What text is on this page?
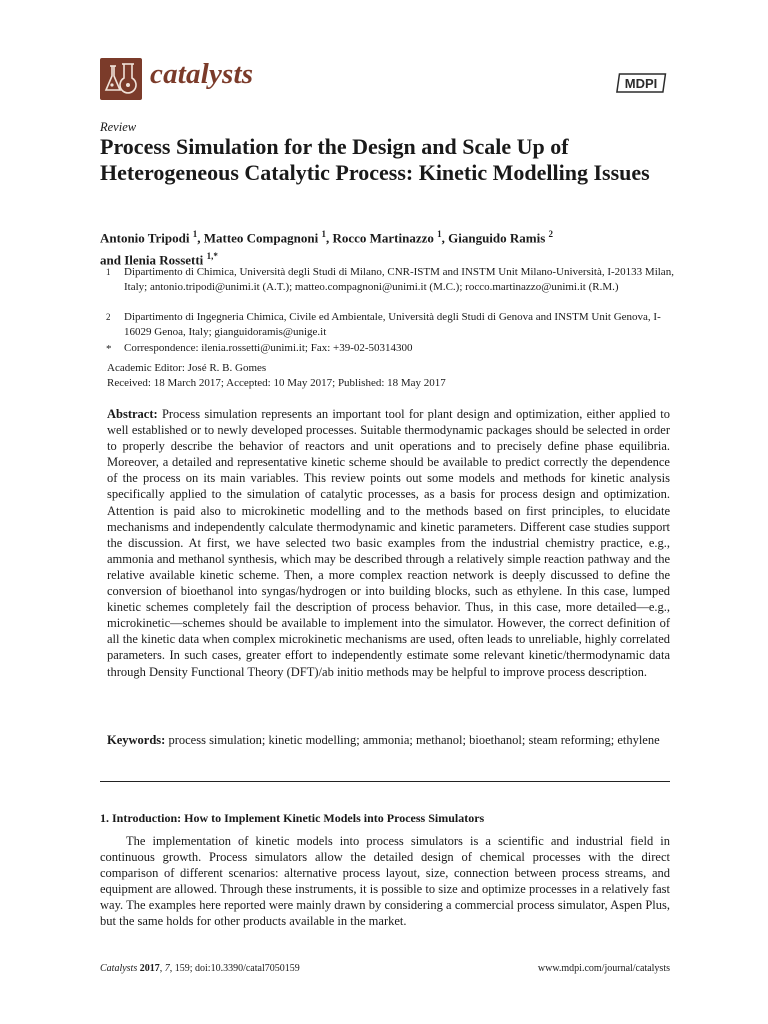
catalysts	MDPI
Review
Process Simulation for the Design and Scale Up of Heterogeneous Catalytic Process: Kinetic Modelling Issues
Antonio Tripodi $^1$, Matteo Compagnoni $^1$, Rocco Martinazzo $^1$, Gianguido Ramis $^2$
and Ilenia Rossetti $^{1,*}$
1 Dipartimento di Chimica, Università degli Studi di Milano, CNR-ISTM and INSTM Unit Milano-Università, I-20133 Milan, Italy; antonio.tripodi@unimi.it (A.T.); matteo.compagnoni@unimi.it (M.C.); rocco.martinazzo@unimi.it (R.M.)
2 Dipartimento di Ingegneria Chimica, Civile ed Ambientale, Università degli Studi di Genova and INSTM Unit Genova, I-16029 Genoa, Italy; gianguidoramis@unige.it
* Correspondence: ilenia.rossetti@unimi.it; Fax: +39-02-50314300
Academic Editor: José R. B. Gomes
Received: 18 March 2017; Accepted: 10 May 2017; Published: 18 May 2017
Abstract: Process simulation represents an important tool for plant design and optimization, either applied to well established or to newly developed processes. Suitable thermodynamic packages should be selected in order to properly describe the behavior of reactors and unit operations and to precisely define phase equilibria. Moreover, a detailed and representative kinetic scheme should be available to predict correctly the dependence of the process on its main variables. This review points out some models and methods for kinetic analysis specifically applied to the simulation of catalytic processes, as a basis for process design and optimization. Attention is paid also to microkinetic modelling and to the methods based on first principles, to elucidate mechanisms and independently calculate thermodynamic and kinetic parameters. Different case studies support the discussion. At first, we have selected two basic examples from the industrial chemistry practice, e.g., ammonia and methanol synthesis, which may be described through a relatively simple reaction pathway and the relative available kinetic scheme. Then, a more complex reaction network is deeply discussed to define the conversion of bioethanol into syngas/hydrogen or into building blocks, such as ethylene. In this case, lumped kinetic schemes completely fail the description of process behavior. Thus, in this case, more detailed—e.g., microkinetic—schemes should be available to implement into the simulator. However, the correct definition of all the kinetic data when complex microkinetic mechanisms are used, often leads to unreliable, highly correlated parameters. In such cases, greater effort to independently estimate some relevant kinetic/thermodynamic data through Density Functional Theory (DFT)/ab initio methods may be helpful to improve process description.
Keywords: process simulation; kinetic modelling; ammonia; methanol; bioethanol; steam reforming; ethylene
1. Introduction: How to Implement Kinetic Models into Process Simulators
The implementation of kinetic models into process simulators is a scientific and industrial field in continuous growth. Process simulators allow the detailed design of chemical processes with the direct comparison of different scenarios: alternative process layout, size, connection between process streams, and equipment are allowed. Through these instruments, it is possible to size and optimize processes in a relatively fast way. The examples here reported were mainly drawn by considering a commercial process simulator, Aspen Plus, but the same holds for other products available in the market.
Catalysts 2017, 7, 159; doi:10.3390/catal7050159	www.mdpi.com/journal/catalysts
